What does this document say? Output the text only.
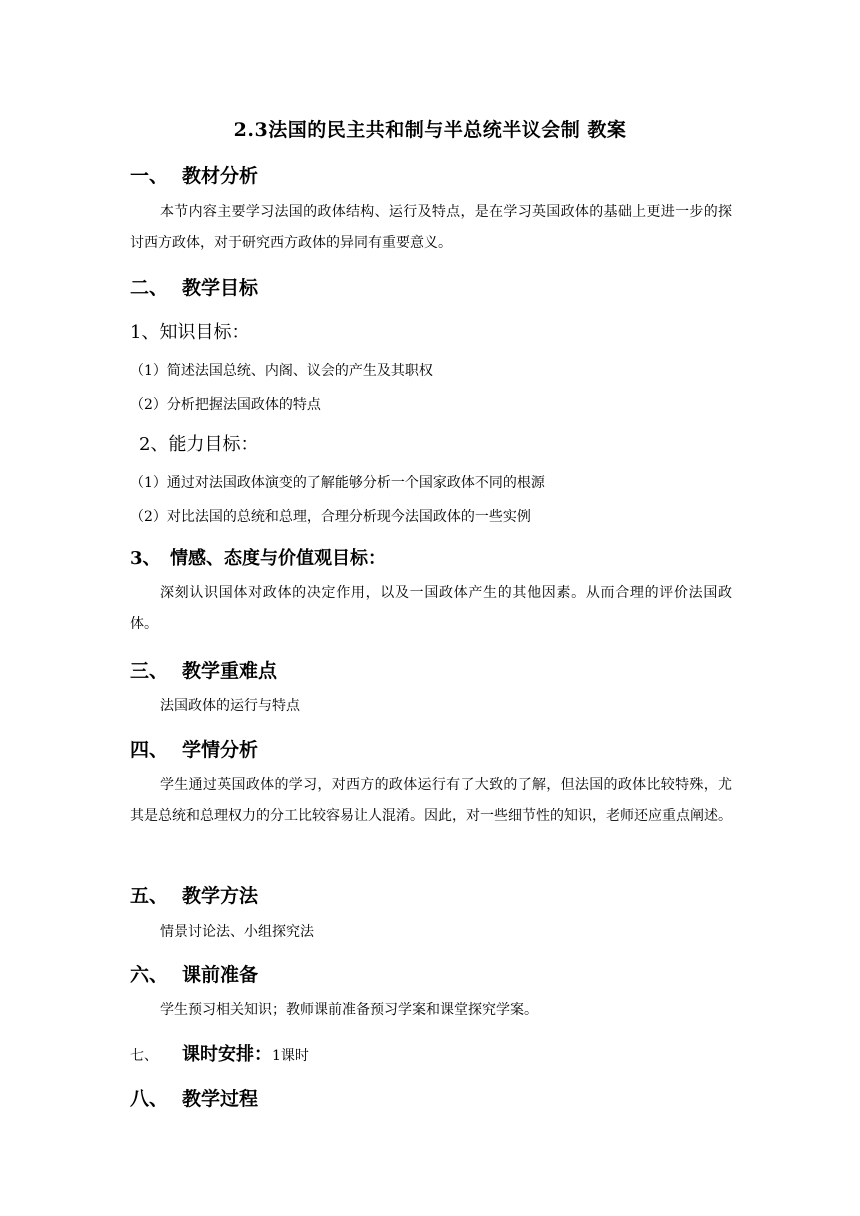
2.3法国的民主共和制与半总统半议会制 教案
一、 教材分析
本节内容主要学习法国的政体结构、运行及特点，是在学习英国政体的基础上更进一步的探讨西方政体，对于研究西方政体的异同有重要意义。
二、 教学目标
1、知识目标：
（1）简述法国总统、内阁、议会的产生及其职权
（2）分析把握法国政体的特点
2、能力目标：
（1）通过对法国政体演变的了解能够分析一个国家政体不同的根源
（2）对比法国的总统和总理，合理分析现今法国政体的一些实例
3、 情感、态度与价值观目标：
深刻认识国体对政体的决定作用，以及一国政体产生的其他因素。从而合理的评价法国政体。
三、 教学重难点
法国政体的运行与特点
四、 学情分析
学生通过英国政体的学习，对西方的政体运行有了大致的了解，但法国的政体比较特殊，尤其是总统和总理权力的分工比较容易让人混淆。因此，对一些细节性的知识，老师还应重点阐述。
五、 教学方法
情景讨论法、小组探究法
六、 课前准备
学生预习相关知识；教师课前准备预习学案和课堂探究学案。
七、 课时安排：1课时
八、 教学过程
